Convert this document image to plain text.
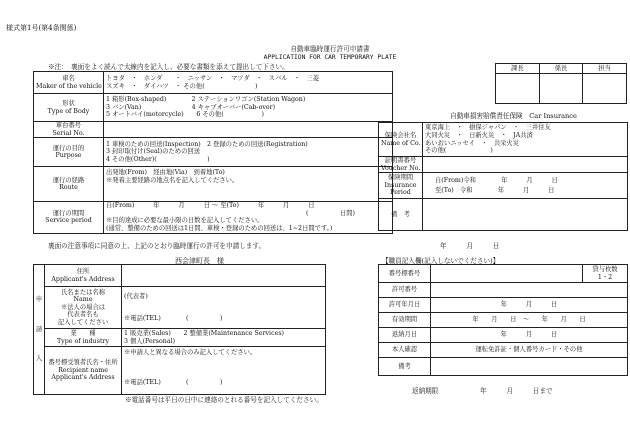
様式第1号(第4条関係)
自動車臨時運行許可申請書
APPLICATION FOR CAR TEMPORARY PLATE
※注：　裏面をよく読んで太線内を記入し、必要な書類を添えて提出して下さい。	課長	係長	担当

車名
Maker of the vehicle	トヨタ　・　ホンダ　　・　ニッサン　・　マツダ　・　スバル　・　三菱
スズキ　・　ダイハツ　・ その他(　　　　　　　　)

形状
Type of Body	1 箱形(Box-shaped)　　　　2 ステーションワゴン(Station Wagon)
3 バン(Van)　　　　　　　　4 キャブオーバー(Cab-over)
5 オートバイ(motorcycle)　　6 その他(　　　　　　)

車台番号
Serial No.	

運行の目的
Purpose	1 車検のための回送(Inspection)　2 登録のための回送(Registration)
3 封印取付け(Seal)のための回送
4 その他(Other)(　　　　　　　　)

運行の経路
Route	出発地(From)　経由地(Via)　到着地(To)
※発着主要経路の地点名を記入してください。

運行の期間
Service period	自(From)　　　年　　　月　　　日 ～ 至(To)　　　年　　　月　　　日
(　　　　　日間)
※目的達成に必要な最小限の日数を記入してください。
(通常、整備のための回送は1日間、車検・登録のための回送は、1~2日間です。)
自動車損害賠償責任保険　Car Insurance
保険会社名
Name of Co.	東京海上　・　損保ジャパン　・　三井住友
大同火災　・　日新火災　・　JA共済
あいおいニッセイ　・　共栄火災
その他(　　　　　　　)

証明書番号
Voucher No.	

保険期間
Insurance
Period	自(From)令和　　　　年　　　月　　　日
至(To)　令和　　　　年　　　月　　　日

備　考	
裏面の注意事項に同意の上、上記のとおり臨時運行の許可を申請します。	年　　　月　　　日
西会津町長　様
申
請
人	住所
Applicant's Address	

	氏名または名称
Name
※法人の場合は
代表者名も
記入してください	(代表者)
※電話(TEL)　　　　(　　　　　)

	業　　種
Type of industry	1 販売業(Sales)　　2 整備業(Maintenance Services)
3 個人(Personal)

	番号標受領者氏名・住所
Recipient name
Applicant's Address	※申請人と異なる場合のみ記入してください。
※電話(TEL)　　　　(　　　　　)
※電話番号は平日の日中に連絡のとれる番号を記入してください。
【職員記入欄(記入しないでください)】
番号標番号		貸与枚数
1・2

許可番号		
許可年月日	年　　　月　　　日	
有効期間	年　　月　　日　～　　年　　月　　日	
返納月日	年　　　月　　　日	
本人確認	運転免許証・個人番号カード・その他	
備考		
返納期限	年　　　月　　　日まで
